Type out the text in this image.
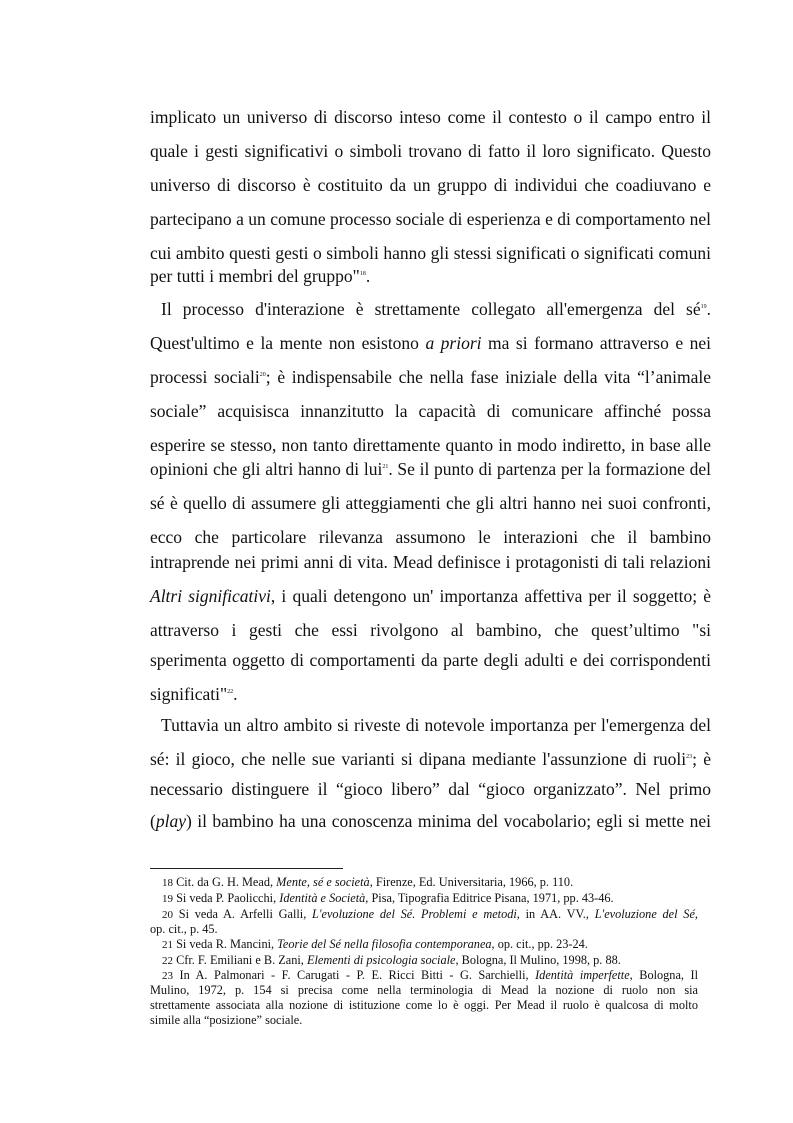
implicato un universo di discorso inteso come il contesto o il campo entro il
quale i gesti significativi o simboli trovano di fatto il loro significato. Questo
universo di discorso è costituito da un gruppo di individui che coadiuvano e
partecipano a un comune processo sociale di esperienza e di comportamento nel
cui ambito questi gesti o simboli hanno gli stessi significati o significati comuni
per tutti i membri del gruppo"$^{18}$.
Il processo d'interazione è strettamente collegato all'emergenza del $sé^{19}$.
Quest'ultimo e la mente non esistono a priori ma si formano attraverso e nei
processi sociali$^{20}$; è indispensabile che nella fase iniziale della vita “l’animale
sociale” acquisisca innanzitutto la capacità di comunicare affinché possa
esperire se stesso, non tanto direttamente quanto in modo indiretto, in base alle
opinioni che gli altri hanno di lui$^{21}$. Se il punto di partenza per la formazione del
sé è quello di assumere gli atteggiamenti che gli altri hanno nei suoi confronti,
ecco che particolare rilevanza assumono le interazioni che il bambino
intraprende nei primi anni di vita. Mead definisce i protagonisti di tali relazioni
Altri significativi, i quali detengono un' importanza affettiva per il soggetto; è
attraverso i gesti che essi rivolgono al bambino, che quest’ultimo "si
sperimenta oggetto di comportamenti da parte degli adulti e dei corrispondenti
significati"$^{22}$.
Tuttavia un altro ambito si riveste di notevole importanza per l'emergenza del
sé: il gioco, che nelle sue varianti si dipana mediante l'assunzione di ruoli$^{23}$; è
necessario distinguere il “gioco libero” dal “gioco organizzato”. Nel primo
(play) il bambino ha una conoscenza minima del vocabolario; egli si mette nei
18 Cit. da G. H. Mead, Mente, sé e società, Firenze, Ed. Universitaria, 1966, p. 110.
19 Si veda P. Paolicchi, Identità e Società, Pisa, Tipografia Editrice Pisana, 1971, pp. 43-46.
20 Si veda A. Arfelli Galli, L'evoluzione del Sé. Problemi e metodi, in AA. VV., L'evoluzione del Sé,
op. cit., p. 45.
21 Si veda R. Mancini, Teorie del Sé nella filosofia contemporanea, op. cit., pp. 23-24.
22 Cfr. F. Emiliani e B. Zani, Elementi di psicologia sociale, Bologna, Il Mulino, 1998, p. 88.
23 In A. Palmonari - F. Carugati - P. E. Ricci Bitti - G. Sarchielli, Identità imperfette, Bologna, Il
Mulino, 1972, p. 154 si precisa come nella terminologia di Mead la nozione di ruolo non sia
strettamente associata alla nozione di istituzione come lo è oggi. Per Mead il ruolo è qualcosa di molto
simile alla “posizione” sociale.
